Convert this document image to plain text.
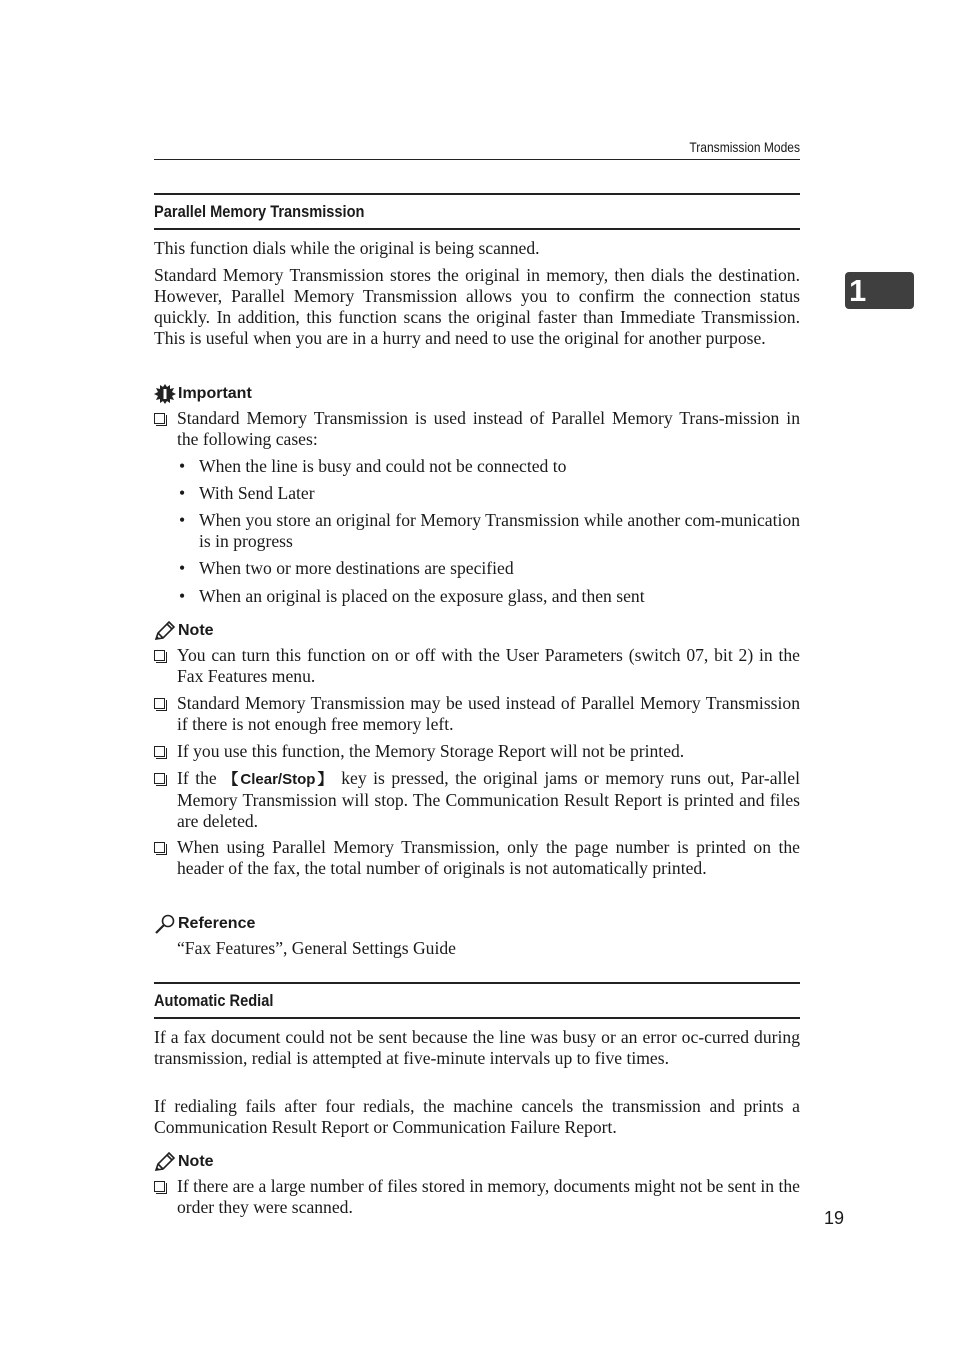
Transmission Modes
1
Parallel Memory Transmission

This function dials while the original is being scanned.

Standard Memory Transmission stores the original in memory, then dials the destination. However, Parallel Memory Transmission allows you to confirm the connection status quickly. In addition, this function scans the original faster than Immediate Transmission. This is useful when you are in a hurry and need to use the original for another purpose.

Important
Standard Memory Transmission is used instead of Parallel Memory Trans-mission in the following cases:
• When the line is busy and could not be connected to
• With Send Later
• When you store an original for Memory Transmission while another com-munication is in progress
• When two or more destinations are specified
• When an original is placed on the exposure glass, and then sent
Note
You can turn this function on or off with the User Parameters (switch 07, bit 2) in the Fax Features menu.
Standard Memory Transmission may be used instead of Parallel Memory Transmission if there is not enough free memory left.
If you use this function, the Memory Storage Report will not be printed.
If the 【Clear/Stop】 key is pressed, the original jams or memory runs out, Par-allel Memory Transmission will stop. The Communication Result Report is printed and files are deleted.
When using Parallel Memory Transmission, only the page number is printed on the header of the fax, the total number of originals is not automatically printed.
Reference
“Fax Features”, General Settings Guide
Automatic Redial

If a fax document could not be sent because the line was busy or an error oc-curred during transmission, redial is attempted at five-minute intervals up to five times.

If redialing fails after four redials, the machine cancels the transmission and prints a Communication Result Report or Communication Failure Report.

Note
If there are a large number of files stored in memory, documents might not be sent in the order they were scanned.
19
